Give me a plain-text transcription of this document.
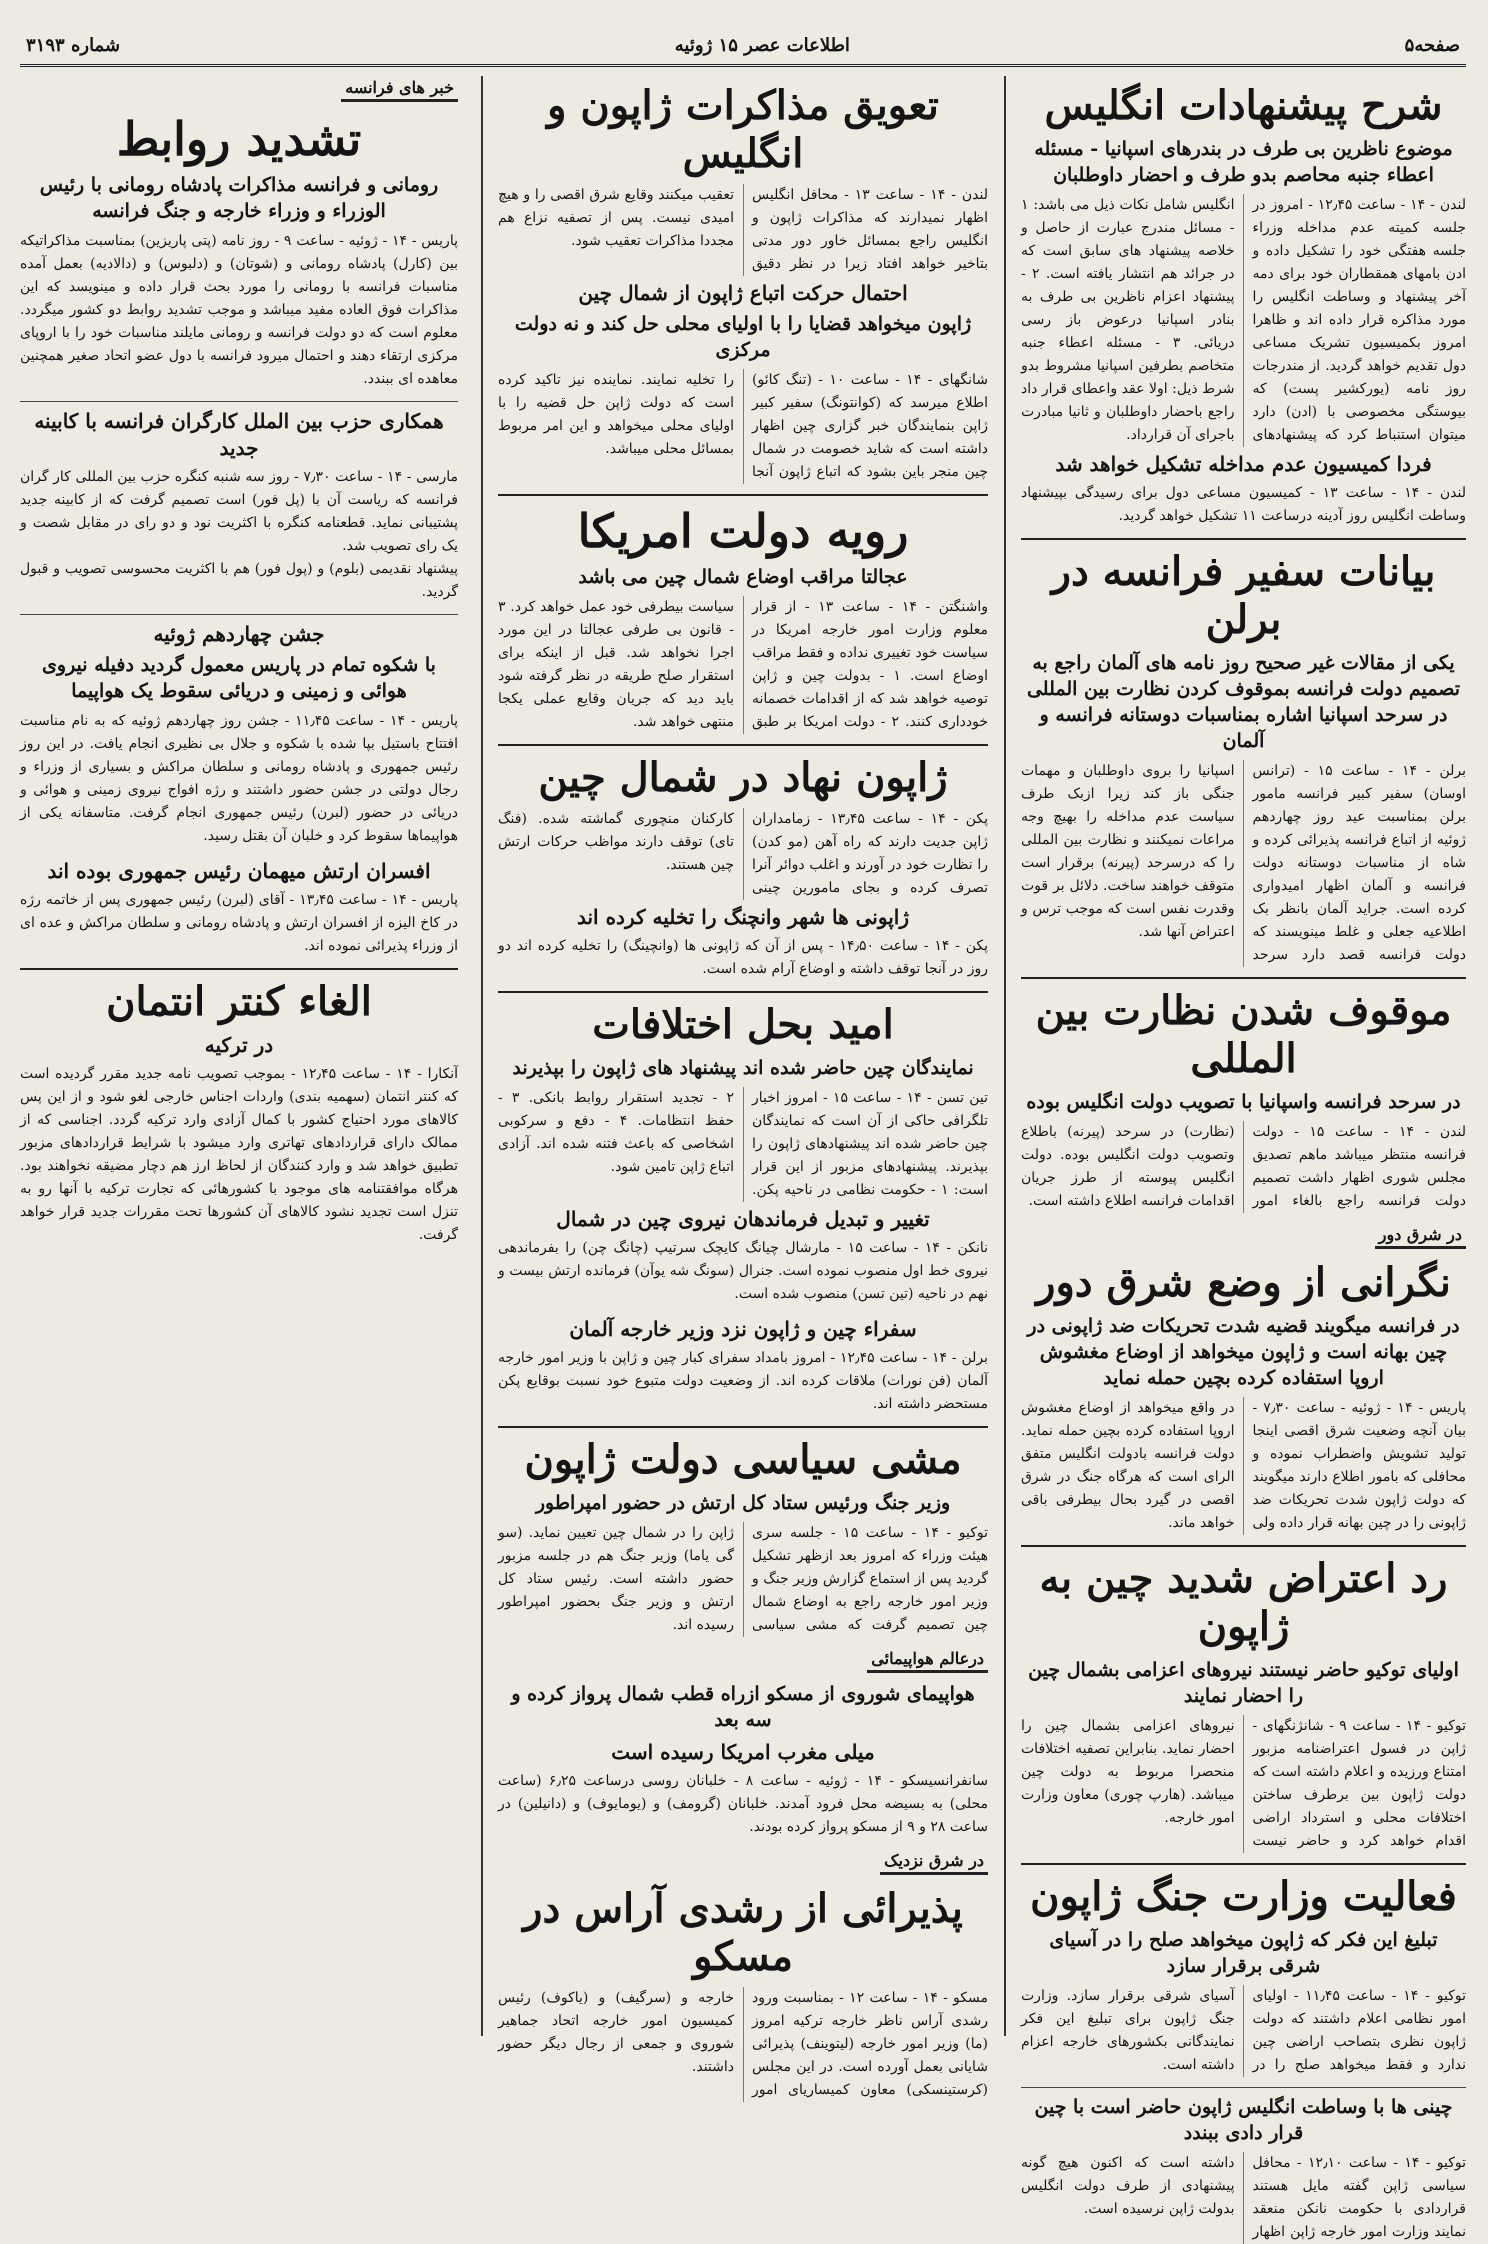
صفحه۵
اطلاعات عصر ۱۵ ژوئیه
شماره ۳۱۹۳
شرح پیشنهادات انگلیس
موضوع ناظرین بی طرف در بندرهای اسپانیا - مسئله اعطاء جنبه محاصم بدو طرف و احضار داوطلبان

لندن - ۱۴ - ساعت ۱۲٫۴۵ - امروز در جلسه کمیته عدم مداخله وزراء جلسه هفتگی خود را تشکیل داده و ادن بامهای همقطاران خود برای دمه آخر پیشنهاد و وساطت انگلیس را مورد مذاکره قرار داده اند و ظاهرا امروز بکمیسیون تشریک مساعی دول تقدیم خواهد گردید. از مندرجات روز نامه (یورکشیر پست) که بیوستگی مخصوصی با (ادن) دارد میتوان استنباط کرد که پیشنهادهای انگلیس شامل نکات ذیل می باشد: ۱ - مسائل مندرج عبارت از حاصل و خلاصه پیشنهاد های سابق است که در جرائد هم انتشار یافته است. ۲ - پیشنهاد اعزام ناظرین بی طرف به بنادر اسپانیا درعوض باز رسی دریائی. ۳ - مسئله اعطاء جنبه متخاصم بطرفین اسپانیا مشروط بدو شرط ذیل: اولا عقد واعطای قرار داد راجع باحضار داوطلبان و ثانیا مبادرت باجرای آن قرارداد.

فردا کمیسیون عدم مداخله تشکیل خواهد شد

لندن - ۱۴ - ساعت ۱۳ - کمیسیون مساعی دول برای رسیدگی بپیشنهاد وساطت انگلیس روز آدینه درساعت ۱۱ تشکیل خواهد گردید.

بیانات سفیر فرانسه در برلن
یکی از مقالات غیر صحیح روز نامه های آلمان راجع به تصمیم دولت فرانسه بموقوف کردن نظارت بین المللی در سرحد اسپانیا اشاره بمناسبات دوستانه فرانسه و آلمان

برلن - ۱۴ - ساعت ۱۵ - (ترانس اوسان) سفیر کبیر فرانسه مامور برلن بمناسبت عید روز چهاردهم ژوئیه از اتباع فرانسه پذیرائی کرده و شاه از مناسبات دوستانه دولت فرانسه و آلمان اظهار امیدواری کرده است. جراید آلمان بانظر بک اطلاعیه جعلی و غلط مینویسند که دولت فرانسه قصد دارد سرحد اسپانیا را بروی داوطلبان و مهمات جنگی باز کند زیرا ازبک طرف سیاست عدم مداخله را بهیچ وجه مراعات نمیکنند و نظارت بین المللی را که درسرحد (پیرنه) برقرار است متوقف خواهند ساخت. دلائل بر قوت وقدرت نفس است که موجب ترس و اعتراض آنها شد.

موقوف شدن نظارت بین المللی
در سرحد فرانسه واسپانیا با تصویب دولت انگلیس بوده

لندن - ۱۴ - ساعت ۱۵ - دولت فرانسه منتظر میباشد ماهم تصدیق مجلس شوری اظهار داشت تصمیم دولت فرانسه راجع بالغاء امور (نظارت) در سرحد (پیرنه) باطلاع وتصویب دولت انگلیس بوده. دولت انگلیس پیوسته از طرز جریان اقدامات فرانسه اطلاع داشته است.

در شرق دور
نگرانی از وضع شرق دور
در فرانسه میگویند قضیه شدت تحریکات ضد ژاپونی در چین بهانه است و ژاپون میخواهد از اوضاع مغشوش اروپا استفاده کرده بچین حمله نماید

پاریس - ۱۴ - ژوئیه - ساعت ۷٫۳۰ - بیان آنچه وضعیت شرق اقصی اینجا تولید تشویش واضطراب نموده و محافلی که بامور اطلاع دارند میگویند که دولت ژاپون شدت تحریکات ضد ژاپونی را در چین بهانه قرار داده ولی در واقع میخواهد از اوضاع مغشوش اروپا استفاده کرده بچین حمله نماید. دولت فرانسه بادولت انگلیس متفق الرای است که هرگاه جنگ در شرق اقصی در گیرد بحال بیطرفی باقی خواهد ماند.

رد اعتراض شدید چین به ژاپون
اولیای توکیو حاضر نیستند نیروهای اعزامی بشمال چین را احضار نمایند

توکیو - ۱۴ - ساعت ۹ - شانژنگهای - ژاپن در فسول اعتراضنامه مزبور امتناع ورزیده و اعلام داشته است که دولت ژاپون بین برطرف ساختن اختلافات محلی و استرداد اراضی اقدام خواهد کرد و حاضر نیست نیروهای اعزامی بشمال چین را احضار نماید. بنابراین تصفیه اختلافات منحصرا مربوط به دولت چین میباشد. (هارپ چوری) معاون وزارت امور خارجه.

فعالیت وزارت جنگ ژاپون
تبلیغ این فکر که ژاپون میخواهد صلح را در آسیای شرقی برقرار سازد

توکیو - ۱۴ - ساعت ۱۱٫۴۵ - اولیای امور نظامی اعلام داشتند که دولت ژاپون نظری بتصاحب اراضی چین ندارد و فقط میخواهد صلح را در آسیای شرقی برقرار سازد. وزارت جنگ ژاپون برای تبلیغ این فکر نمایندگانی بکشورهای خارجه اعزام داشته است.

چینی ها با وساطت انگلیس ژاپون حاضر است با چین قرار دادی ببندد

توکیو - ۱۴ - ساعت ۱۲٫۱۰ - محافل سیاسی ژاپن گفته مایل هستند قراردادی با حکومت نانکن منعقد نمایند وزارت امور خارجه ژاپن اظهار داشته است که اکنون هیچ گونه پیشنهادی از طرف دولت انگلیس بدولت ژاپن نرسیده است.

تعویق مذاکرات ژاپون و انگلیس

لندن - ۱۴ - ساعت ۱۳ - محافل انگلیس اظهار نمیدارند که مذاکرات ژاپون و انگلیس راجع بمسائل خاور دور مدتی بتاخیر خواهد افتاد زیرا در نظر دقیق تعقیب میکنند وقایع شرق اقصی را و هیچ امیدی نیست. پس از تصفیه نزاع هم مجددا مذاکرات تعقیب شود.

احتمال حرکت اتباع ژاپون از شمال چین
ژاپون میخواهد قضایا را با اولیای محلی حل کند و نه دولت مرکزی

شانگهای - ۱۴ - ساعت ۱۰ - (تنگ کائو) اطلاع میرسد که (کوانتونگ) سفیر کبیر ژاپن بنمایندگان خبر گزاری چین اظهار داشته است که شاید خصومت در شمال چین منجر باین بشود که اتباع ژاپون آنجا را تخلیه نمایند. نماینده نیز تاکید کرده است که دولت ژاپن حل قضیه را با اولیای محلی میخواهد و این امر مربوط بمسائل محلی میباشد.

رویه دولت امریکا
عجالتا مراقب اوضاع شمال چین می باشد

واشنگتن - ۱۴ - ساعت ۱۳ - از قرار معلوم وزارت امور خارجه امریکا در سیاست خود تغییری نداده و فقط مراقب اوضاع است. ۱ - بدولت چین و ژاپن توصیه خواهد شد که از اقدامات خصمانه خودداری کنند. ۲ - دولت امریکا بر طبق سیاست بیطرفی خود عمل خواهد کرد. ۳ - قانون بی طرفی عجالتا در این مورد اجرا نخواهد شد. قبل از اینکه برای استقرار صلح طریقه در نظر گرفته شود باید دید که جریان وقایع عملی یکجا منتهی خواهد شد.

ژاپون نهاد در شمال چین

پکن - ۱۴ - ساعت ۱۳٫۴۵ - زمامداران ژاپن جدیت دارند که راه آهن (مو کدن) را نظارت خود در آورند و اغلب دوائر آنرا تصرف کرده و بجای مامورین چینی کارکنان منچوری گماشته شده. (فنگ تای) توقف دارند مواظب حرکات ارتش چین هستند.

ژاپونی ها شهر وانچنگ را تخلیه کرده اند

پکن - ۱۴ - ساعت ۱۴٫۵۰ - پس از آن که ژاپونی ها (وانچینگ) را تخلیه کرده اند دو روز در آنجا توقف داشته و اوضاع آرام شده است.

امید بحل اختلافات
نمایندگان چین حاضر شده اند پیشنهاد های ژاپون را بپذیرند

تین تسن - ۱۴ - ساعت ۱۵ - امروز اخبار تلگرافی حاکی از آن است که نمایندگان چین حاضر شده اند پیشنهادهای ژاپون را بپذیرند. پیشنهادهای مزبور از این قرار است: ۱ - حکومت نظامی در ناحیه پکن. ۲ - تجدید استقرار روابط بانکی. ۳ - حفظ انتظامات. ۴ - دفع و سرکوبی اشخاصی که باعث فتنه شده اند. آزادی اتباع ژاپن تامین شود.

تغییر و تبدیل فرماندهان نیروی چین در شمال

نانکن - ۱۴ - ساعت ۱۵ - مارشال چیانگ کایچک سرتیپ (چانگ چن) را بفرماندهی نیروی خط اول منصوب نموده است. جنرال (سونگ شه یوآن) فرمانده ارتش بیست و نهم در ناحیه (تین تسن) منصوب شده است.

سفراء چین و ژاپون نزد وزیر خارجه آلمان

برلن - ۱۴ - ساعت ۱۲٫۴۵ - امروز بامداد سفرای کبار چین و ژاپن با وزیر امور خارجه آلمان (فن نورات) ملاقات کرده اند. از وضعیت دولت متبوع خود نسبت بوقایع پکن مستحضر داشته اند.

مشی سیاسی دولت ژاپون
وزیر جنگ ورئیس ستاد کل ارتش در حضور امپراطور

توکیو - ۱۴ - ساعت ۱۵ - جلسه سری هیئت وزراء که امروز بعد ازظهر تشکیل گردید پس از استماع گزارش وزیر جنگ و وزیر امور خارجه راجع به اوضاع شمال چین تصمیم گرفت که مشی سیاسی ژاپن را در شمال چین تعیین نماید. (سو گی یاما) وزیر جنگ هم در جلسه مزبور حضور داشته است. رئیس ستاد کل ارتش و وزیر جنگ بحضور امپراطور رسیده اند.

درعالم هواپیمائی
هواپیمای شوروی از مسکو ازراه قطب شمال پرواز کرده و سه بعد
میلی مغرب امریکا رسیده است

سانفرانسیسکو - ۱۴ - ژوئیه - ساعت ۸ - خلبانان روسی درساعت ۶٫۲۵ (ساعت محلی) به بسیضه محل فرود آمدند. خلبانان (گرومف) و (یومایوف) و (دانیلین) در ساعت ۲۸ و ۹ از مسکو پرواز کرده بودند.

در شرق نزدیک
پذیرائی از رشدی آراس در مسکو

مسکو - ۱۴ - ساعت ۱۲ - بمناسبت ورود رشدی آراس ناظر خارجه ترکیه امروز (ما) وزیر امور خارجه (لیتوینف) پذیرائی شایانی بعمل آورده است. در این مجلس (کرستینسکی) معاون کمیساریای امور خارجه و (سرگیف) و (یاکوف) رئیس کمیسیون امور خارجه اتحاد جماهیر شوروی و جمعی از رجال دیگر حضور داشتند.

خبر های فرانسه
تشدید روابط
رومانی و فرانسه مذاکرات پادشاه رومانی با رئیس الوزراء و وزراء خارجه و جنگ فرانسه

پاریس - ۱۴ - ژوئیه - ساعت ۹ - روز نامه (پتی پاریزین) بمناسبت مذاکراتیکه بین (کارل) پادشاه رومانی و (شوتان) و (دلبوس) و (دالادیه) بعمل آمده مناسبات فرانسه با رومانی را مورد بحث قرار داده و مینویسد که این مذاکرات فوق العاده مفید میباشد و موجب تشدید روابط دو کشور میگردد. معلوم است که دو دولت فرانسه و رومانی مایلند مناسبات خود را با اروپای مرکزی ارتقاء دهند و احتمال میرود فرانسه با دول عضو اتحاد صغیر همچنین معاهده ای ببندد.

همکاری حزب بین الملل کارگران فرانسه با کابینه جدید

مارسی - ۱۴ - ساعت ۷٫۳۰ - روز سه شنبه کنگره حزب بین المللی کار گران فرانسه که ریاست آن با (پل فور) است تصمیم گرفت که از کابینه جدید پشتیبانی نماید. قطعنامه کنگره با اکثریت نود و دو رای در مقابل شصت و یک رای تصویب شد.

پیشنهاد نقدیمی (بلوم) و (پول فور) هم با اکثریت محسوسی تصویب و قبول گردید.

جشن چهاردهم ژوئیه
با شکوه تمام در پاریس معمول گردید دفیله نیروی هوائی و زمینی و دریائی سقوط یک هواپیما

پاریس - ۱۴ - ساعت ۱۱٫۴۵ - جشن روز چهاردهم ژوئیه که به نام مناسبت افتتاح باستیل بپا شده با شکوه و جلال بی نظیری انجام یافت. در این روز رئیس جمهوری و پادشاه رومانی و سلطان مراکش و بسیاری از وزراء و رجال دولتی در جشن حضور داشتند و رژه افواج نیروی زمینی و هوائی و دریائی در حضور (لبرن) رئیس جمهوری انجام گرفت. متاسفانه یکی از هواپیماها سقوط کرد و خلبان آن بقتل رسید.

افسران ارتش میهمان رئیس جمهوری بوده اند

پاریس - ۱۴ - ساعت ۱۳٫۴۵ - آقای (لبرن) رئیس جمهوری پس از خاتمه رژه در کاخ الیزه از افسران ارتش و پادشاه رومانی و سلطان مراکش و عده ای از وزراء پذیرائی نموده اند.

الغاء کنتر انتمان
در ترکیه

آنکارا - ۱۴ - ساعت ۱۲٫۴۵ - بموجب تصویب نامه جدید مقرر گردیده است که کنتر انتمان (سهمیه بندی) واردات اجناس خارجی لغو شود و از این پس کالاهای مورد احتیاج کشور با کمال آزادی وارد ترکیه گردد. اجناسی که از ممالک دارای قراردادهای تهاتری وارد میشود با شرایط قراردادهای مزبور تطبیق خواهد شد و وارد کنندگان از لحاظ ارز هم دچار مضیقه نخواهند بود. هرگاه موافقتنامه های موجود با کشورهائی که تجارت ترکیه با آنها رو به تنزل است تجدید نشود کالاهای آن کشورها تحت مقررات جدید قرار خواهد گرفت.
